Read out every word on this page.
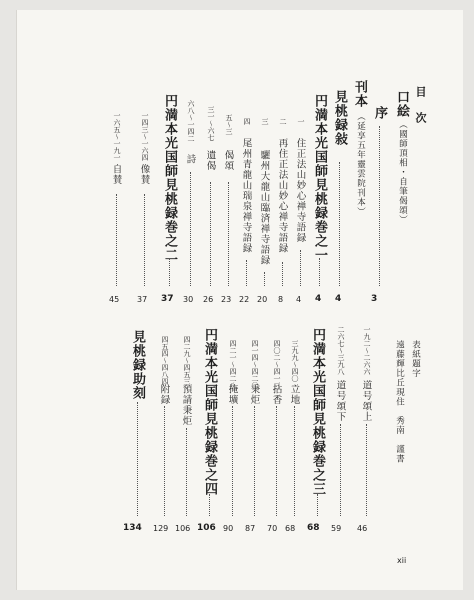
目　次
口絵
（國師頂相・自筆偈頌）
序
3
刊本
（延享五年靈雲院刊本）
見桃録敍
4
円満本光国師見桃録巻之一
4
一
住正法山妙心禅寺語録
4
二
再住正法山妙心禅寺語録
8
三
驪州大龍山臨済禅寺語録
20
四
尾州青龍山瑞泉禅寺語録
22
五〜三
偈頌
23
三一〜六七
遺偈
26
六八〜一四二
詩
30
円満本光国師見桃録巻之二
37
一四三〜一六四
像賛
37
一六五〜一九一
自賛
45
表紙題字
遠藤輝比丘現住　秀南　謹書
一九二〜二六六
道号頌上
46
二六七〜三九八
道号頌下
59
円満本光国師見桃録巻之三
68
三九九〜四〇一
立地
68
四〇二〜四一三
拈香
70
四一四〜四二〇
秉炬
87
四二一〜四二八
掩壙
90
円満本光国師見桃録巻之四
106
四二九〜四五三
預請秉炬
106
四五四〜四八四
附録
129
見桃録助刻
134
xii
